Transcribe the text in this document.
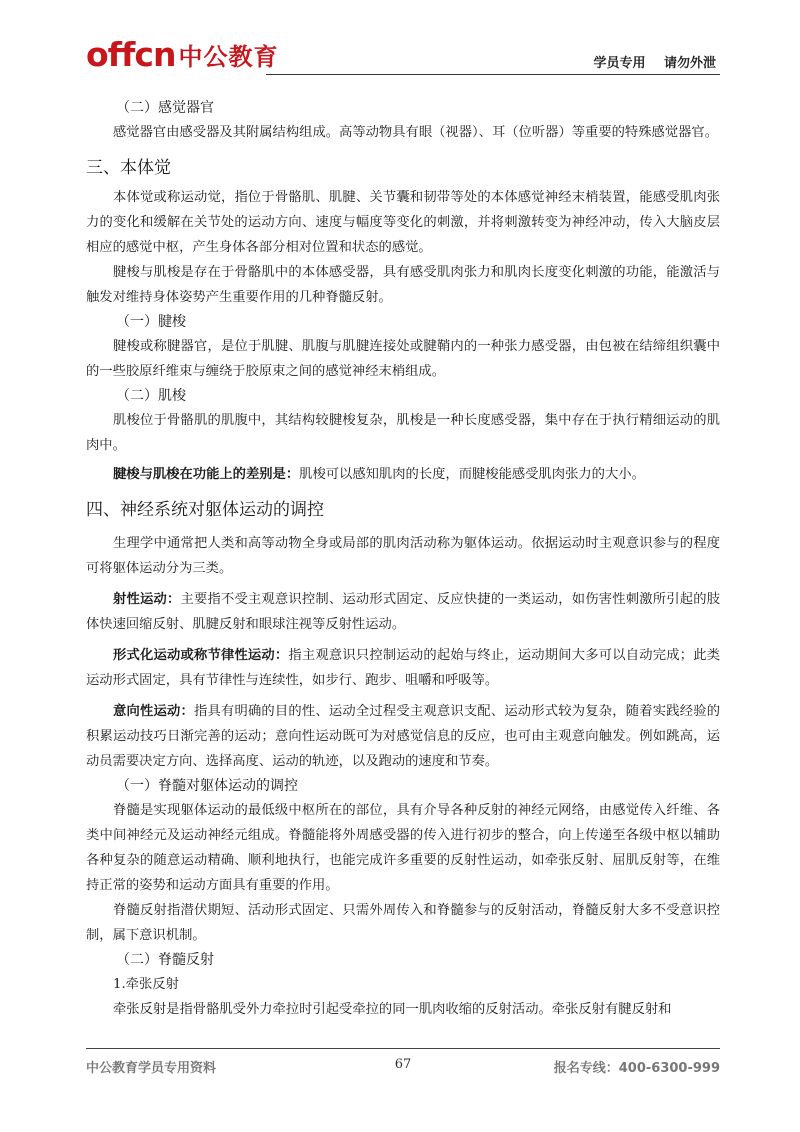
offcn 中公教育	学员专用 请勿外泄

（二）感觉器官

感觉器官由感受器及其附属结构组成。高等动物具有眼（视器）、耳（位听器）等重要的特殊感觉器官。

三、本体觉

本体觉或称运动觉，指位于骨骼肌、肌腱、关节囊和韧带等处的本体感觉神经末梢装置，能感受肌肉张力的变化和缓解在关节处的运动方向、速度与幅度等变化的刺激，并将刺激转变为神经冲动，传入大脑皮层相应的感觉中枢，产生身体各部分相对位置和状态的感觉。

腱梭与肌梭是存在于骨骼肌中的本体感受器，具有感受肌肉张力和肌肉长度变化刺激的功能，能激活与触发对维持身体姿势产生重要作用的几种脊髓反射。

（一）腱梭

腱梭或称腱器官，是位于肌腱、肌腹与肌腱连接处或腱鞘内的一种张力感受器，由包被在结缔组织囊中的一些胶原纤维束与缠绕于胶原束之间的感觉神经末梢组成。

（二）肌梭

肌梭位于骨骼肌的肌腹中，其结构较腱梭复杂，肌梭是一种长度感受器，集中存在于执行精细运动的肌肉中。

腱梭与肌梭在功能上的差别是：肌梭可以感知肌肉的长度，而腱梭能感受肌肉张力的大小。

四、神经系统对躯体运动的调控

生理学中通常把人类和高等动物全身或局部的肌肉活动称为躯体运动。依据运动时主观意识参与的程度可将躯体运动分为三类。

射性运动：主要指不受主观意识控制、运动形式固定、反应快捷的一类运动，如伤害性刺激所引起的肢体快速回缩反射、肌腱反射和眼球注视等反射性运动。

形式化运动或称节律性运动：指主观意识只控制运动的起始与终止，运动期间大多可以自动完成；此类运动形式固定，具有节律性与连续性，如步行、跑步、咀嚼和呼吸等。

意向性运动：指具有明确的目的性、运动全过程受主观意识支配、运动形式较为复杂，随着实践经验的积累运动技巧日渐完善的运动；意向性运动既可为对感觉信息的反应，也可由主观意向触发。例如跳高，运动员需要决定方向、选择高度、运动的轨迹，以及跑动的速度和节奏。

（一）脊髓对躯体运动的调控

脊髓是实现躯体运动的最低级中枢所在的部位，具有介导各种反射的神经元网络，由感觉传入纤维、各类中间神经元及运动神经元组成。脊髓能将外周感受器的传入进行初步的整合，向上传递至各级中枢以辅助各种复杂的随意运动精确、顺利地执行，也能完成许多重要的反射性运动，如牵张反射、屈肌反射等，在维持正常的姿势和运动方面具有重要的作用。

脊髓反射指潜伏期短、活动形式固定、只需外周传入和脊髓参与的反射活动，脊髓反射大多不受意识控制，属下意识机制。

（二）脊髓反射

1.牵张反射

牵张反射是指骨骼肌受外力牵拉时引起受牵拉的同一肌肉收缩的反射活动。牵张反射有腱反射和

中公教育学员专用资料	67	报名专线：400-6300-999
